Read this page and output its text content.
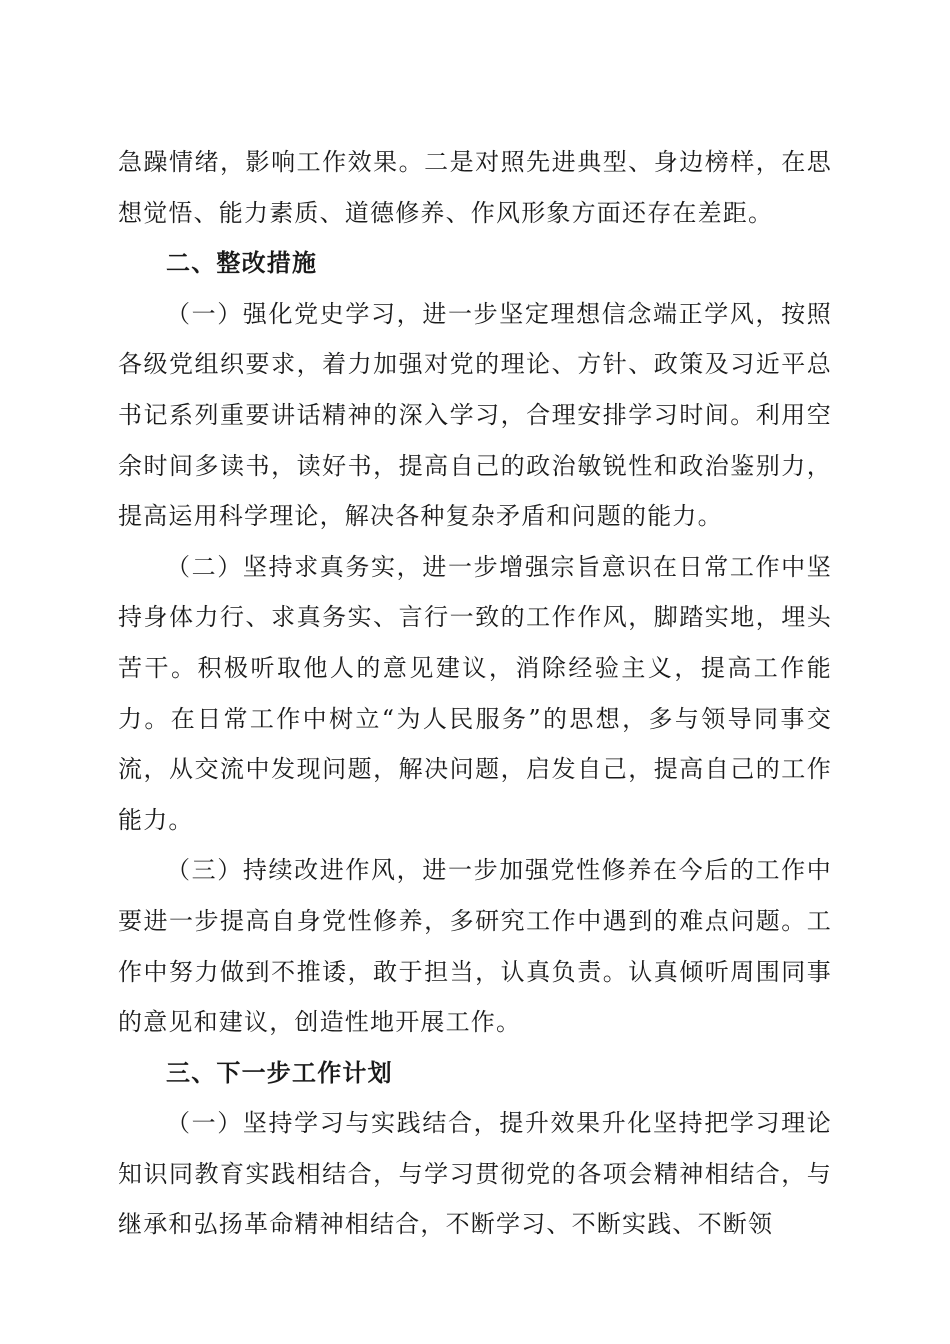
急躁情绪，影响工作效果。二是对照先进典型、身边榜样，在思想觉悟、能力素质、道德修养、作风形象方面还存在差距。

二、整改措施

（一）强化党史学习，进一步坚定理想信念端正学风，按照各级党组织要求，着力加强对党的理论、方针、政策及习近平总书记系列重要讲话精神的深入学习，合理安排学习时间。利用空余时间多读书，读好书，提高自己的政治敏锐性和政治鉴别力，提高运用科学理论，解决各种复杂矛盾和问题的能力。

（二）坚持求真务实，进一步增强宗旨意识在日常工作中坚持身体力行、求真务实、言行一致的工作作风，脚踏实地，埋头苦干。积极听取他人的意见建议，消除经验主义，提高工作能力。在日常工作中树立“为人民服务”的思想，多与领导同事交流，从交流中发现问题，解决问题，启发自己，提高自己的工作能力。

（三）持续改进作风，进一步加强党性修养在今后的工作中要进一步提高自身党性修养，多研究工作中遇到的难点问题。工作中努力做到不推诿，敢于担当，认真负责。认真倾听周围同事的意见和建议，创造性地开展工作。

三、下一步工作计划

（一）坚持学习与实践结合，提升效果升化坚持把学习理论知识同教育实践相结合，与学习贯彻党的各项会精神相结合，与继承和弘扬革命精神相结合，不断学习、不断实践、不断领
